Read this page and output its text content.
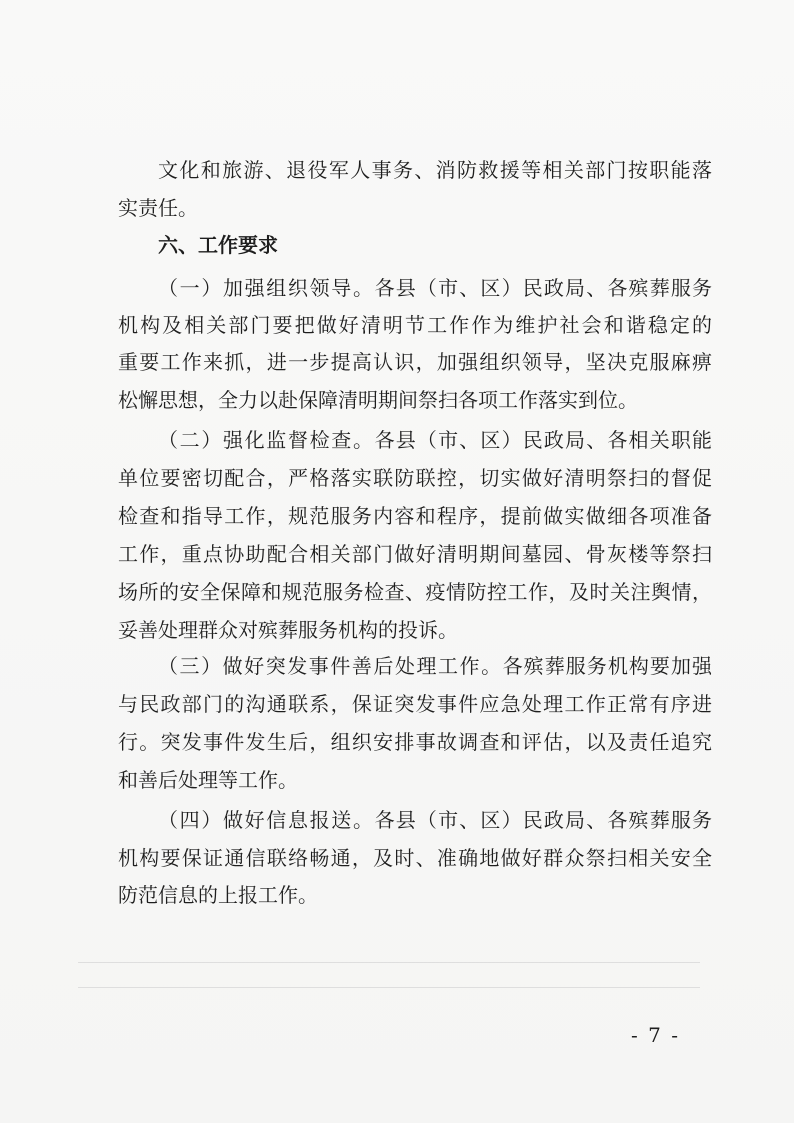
文化和旅游、退役军人事务、消防救援等相关部门按职能落
实责任。
六、工作要求
（一）加强组织领导。各县（市、区）民政局、各殡葬服务
机构及相关部门要把做好清明节工作作为维护社会和谐稳定的
重要工作来抓，进一步提高认识，加强组织领导，坚决克服麻痹
松懈思想，全力以赴保障清明期间祭扫各项工作落实到位。
（二）强化监督检查。各县（市、区）民政局、各相关职能
单位要密切配合，严格落实联防联控，切实做好清明祭扫的督促
检查和指导工作，规范服务内容和程序，提前做实做细各项准备
工作，重点协助配合相关部门做好清明期间墓园、骨灰楼等祭扫
场所的安全保障和规范服务检查、疫情防控工作，及时关注舆情，
妥善处理群众对殡葬服务机构的投诉。
（三）做好突发事件善后处理工作。各殡葬服务机构要加强
与民政部门的沟通联系，保证突发事件应急处理工作正常有序进
行。突发事件发生后，组织安排事故调查和评估，以及责任追究
和善后处理等工作。
（四）做好信息报送。各县（市、区）民政局、各殡葬服务
机构要保证通信联络畅通，及时、准确地做好群众祭扫相关安全
防范信息的上报工作。
- 7 -
